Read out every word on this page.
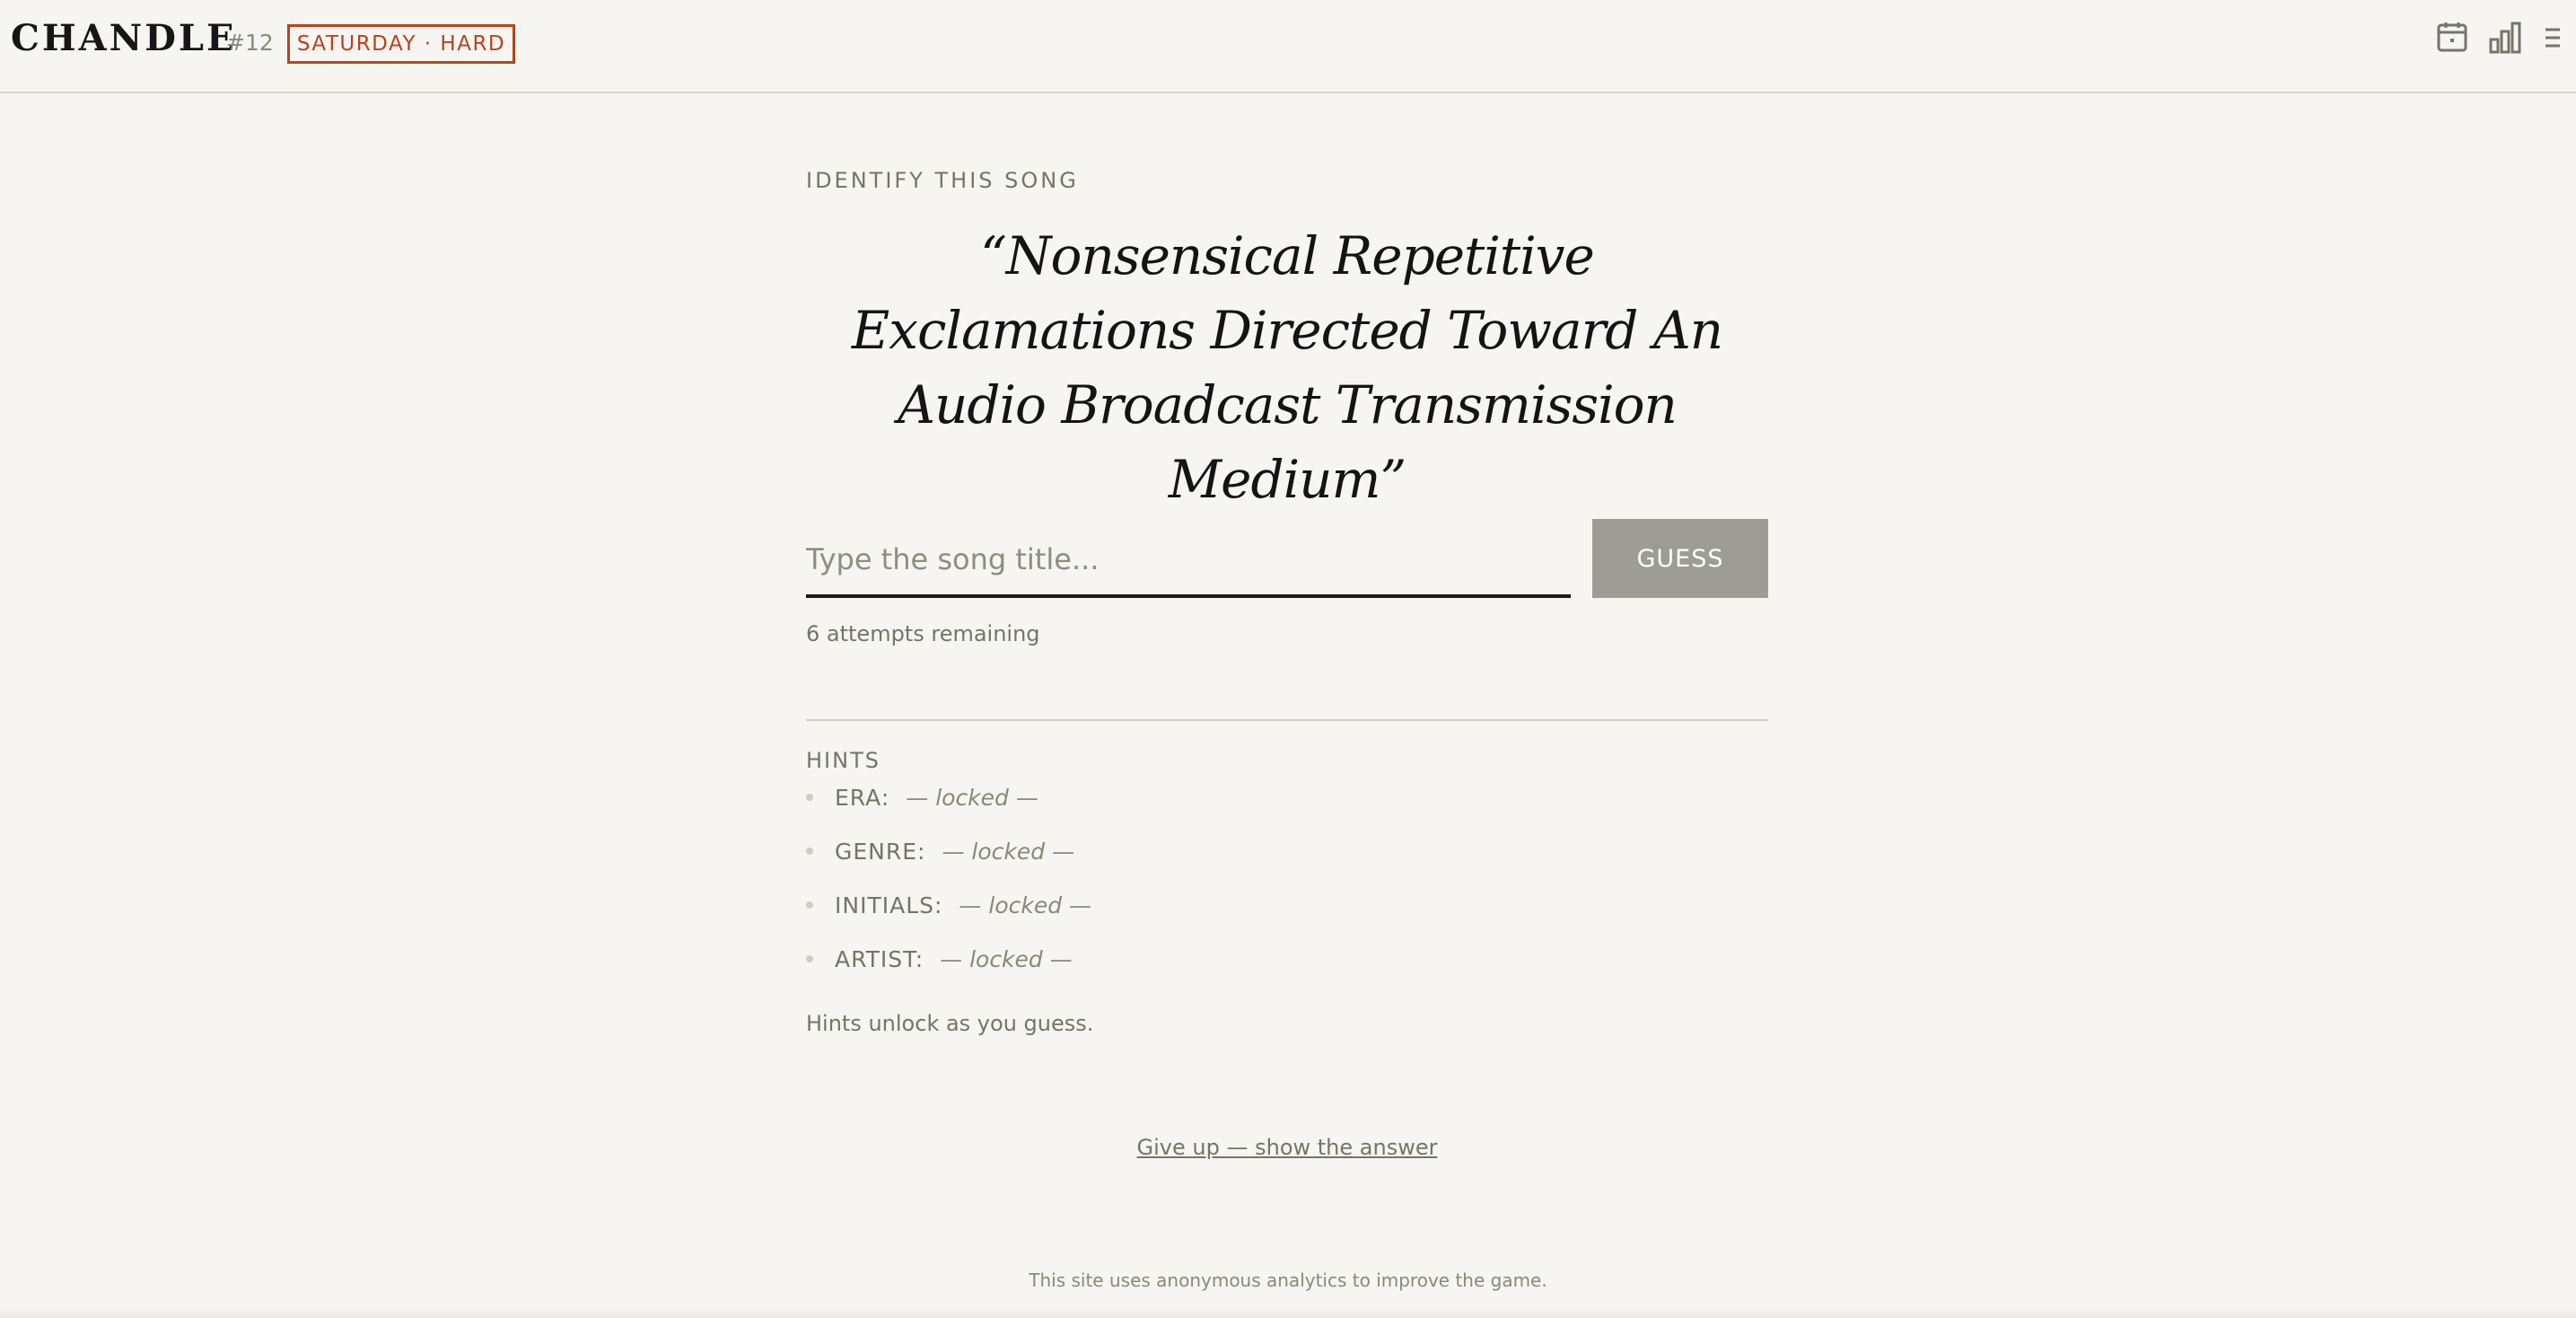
CHANDLE
#12	SATURDAY · HARD
IDENTIFY THIS SONG
“Nonsensical Repetitive Exclamations Directed Toward An Audio Broadcast Transmission Medium”
Type the song title...
GUESS
6 attempts remaining
HINTS
ERA: — locked —
GENRE: — locked —
INITIALS: — locked —
ARTIST: — locked —
Hints unlock as you guess.
Give up — show the answer
This site uses anonymous analytics to improve the game.
